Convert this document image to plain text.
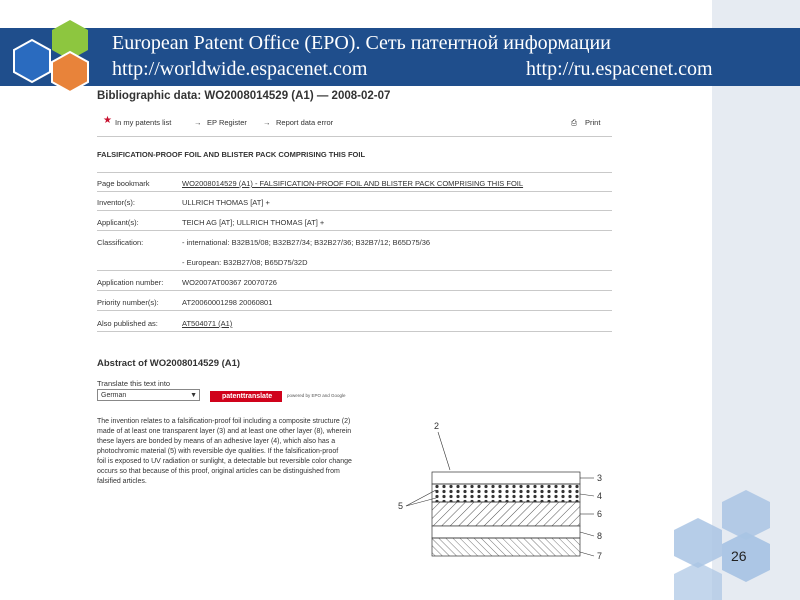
European Patent Office (EPO). Сеть патентной информации
http://worldwide.espacenet.com	http://ru.espacenet.com
26
Bibliographic data: WO2008014529 (A1) — 2008-02-07
★ In my patents list	→ EP Register → Report data error	⎙ Print
FALSIFICATION-PROOF FOIL AND BLISTER PACK COMPRISING THIS FOIL
Page bookmark	WO2008014529 (A1) - FALSIFICATION-PROOF FOIL AND BLISTER PACK COMPRISING THIS FOIL
Inventor(s):	ULLRICH THOMAS [AT] +
Applicant(s):	TEICH AG [AT]; ULLRICH THOMAS [AT] +
Classification:	- international: B32B15/08; B32B27/34; B32B27/36; B32B7/12; B65D75/36
- European: B32B27/08; B65D75/32D
Application number: WO2007AT00367 20070726
Priority number(s):	AT20060001298 20060801
Also published as:	AT504071 (A1)
Abstract of WO2008014529 (A1)
Translate this text into
German	▼	patenttranslate	powered by EPO and Google
The invention relates to a falsification-proof foil including a composite structure (2)
made of at least one transparent layer (3) and at least one other layer (8), wherein
these layers are bonded by means of an adhesive layer (4), which also has a
photochromic material (5) with reversible dye qualities. If the falsification-proof
foil is exposed to UV radiation or sunlight, a detectable but reversible color change
occurs so that because of this proof, original articles can be distinguished from
falsified articles.
2
3
4
6
8
7
5
